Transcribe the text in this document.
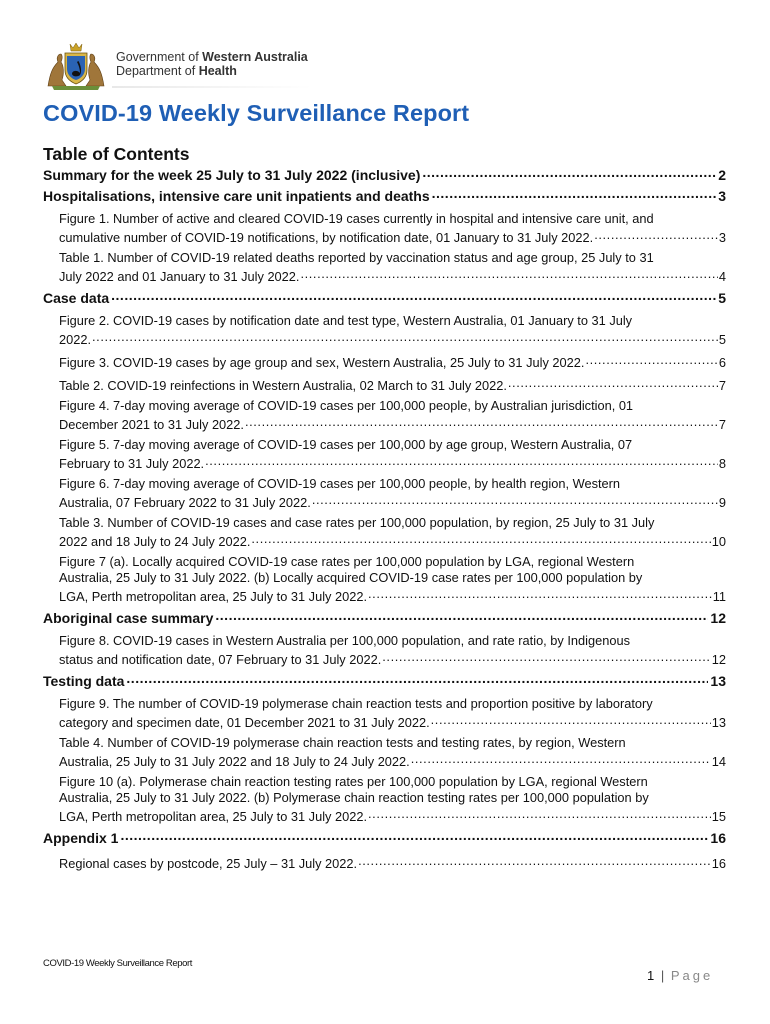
Government of Western Australia
Department of Health
COVID-19 Weekly Surveillance Report
Table of Contents
Summary for the week 25 July to 31 July 2022 (inclusive) .....	2
Hospitalisations, intensive care unit inpatients and deaths .....	3
Figure 1. Number of active and cleared COVID-19 cases currently in hospital and intensive care unit, and
cumulative number of COVID-19 notifications, by notification date, 01 January to 31 July 2022. .....	3
Table 1. Number of COVID-19 related deaths reported by vaccination status and age group, 25 July to 31
July 2022 and 01 January to 31 July 2022. .....	4
Case data .....	5
Figure 2. COVID-19 cases by notification date and test type, Western Australia, 01 January to 31 July
2022. .....	5
Figure 3. COVID-19 cases by age group and sex, Western Australia, 25 July to 31 July 2022. .....	6
Table 2. COVID-19 reinfections in Western Australia, 02 March to 31 July 2022. .....	7
Figure 4. 7-day moving average of COVID-19 cases per 100,000 people, by Australian jurisdiction, 01
December 2021 to 31 July 2022. .....	7
Figure 5. 7-day moving average of COVID-19 cases per 100,000 by age group, Western Australia, 07
February to 31 July 2022. .....	8
Figure 6. 7-day moving average of COVID-19 cases per 100,000 people, by health region, Western
Australia, 07 February 2022 to 31 July 2022. .....	9
Table 3. Number of COVID-19 cases and case rates per 100,000 population, by region, 25 July to 31 July
2022 and 18 July to 24 July 2022. .....	10
Figure 7 (a). Locally acquired COVID-19 case rates per 100,000 population by LGA, regional Western
Australia, 25 July to 31 July 2022. (b) Locally acquired COVID-19 case rates per 100,000 population by
LGA, Perth metropolitan area, 25 July to 31 July 2022. .....	11
Aboriginal case summary .....	12
Figure 8. COVID-19 cases in Western Australia per 100,000 population, and rate ratio, by Indigenous
status and notification date, 07 February to 31 July 2022. .....	12
Testing data .....	13
Figure 9. The number of COVID-19 polymerase chain reaction tests and proportion positive by laboratory
category and specimen date, 01 December 2021 to 31 July 2022. .....	13
Table 4. Number of COVID-19 polymerase chain reaction tests and testing rates, by region, Western
Australia, 25 July to 31 July 2022 and 18 July to 24 July 2022. .....	14
Figure 10 (a). Polymerase chain reaction testing rates per 100,000 population by LGA, regional Western
Australia, 25 July to 31 July 2022. (b) Polymerase chain reaction testing rates per 100,000 population by
LGA, Perth metropolitan area, 25 July to 31 July 2022. .....	15
Appendix 1 .....	16
Regional cases by postcode, 25 July – 31 July 2022. .....	16
COVID-19 Weekly Surveillance Report
1 | Page
